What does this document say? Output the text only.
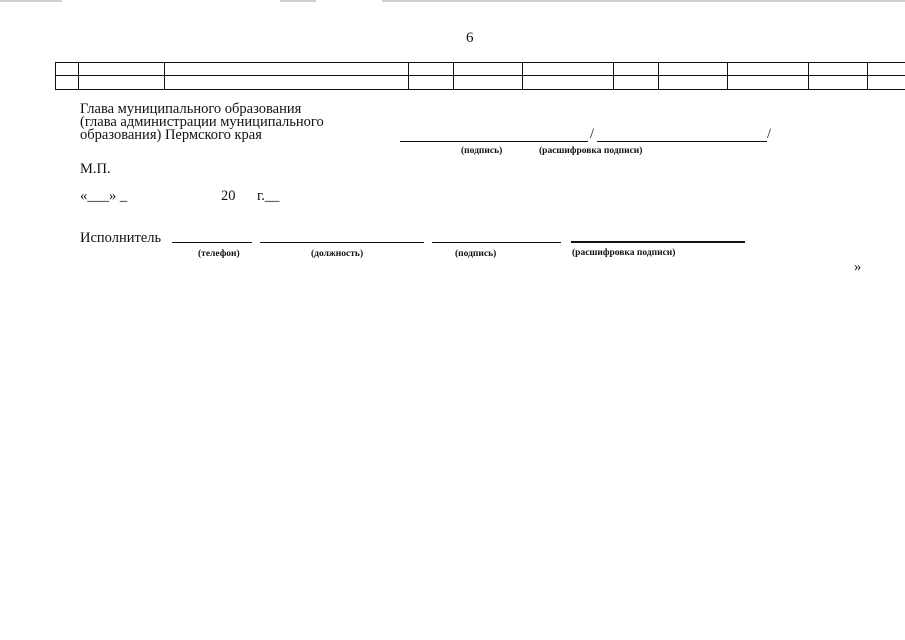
6

Глава муниципального образования
(глава администрации муниципального
образования) Пермского края	/	/
(подпись)	(расшифровка подписи)
М.П.
«___» _	20 г.__
Исполнитель
(телефон)	(должность)	(подпись)	(расшифровка подписи)
»
